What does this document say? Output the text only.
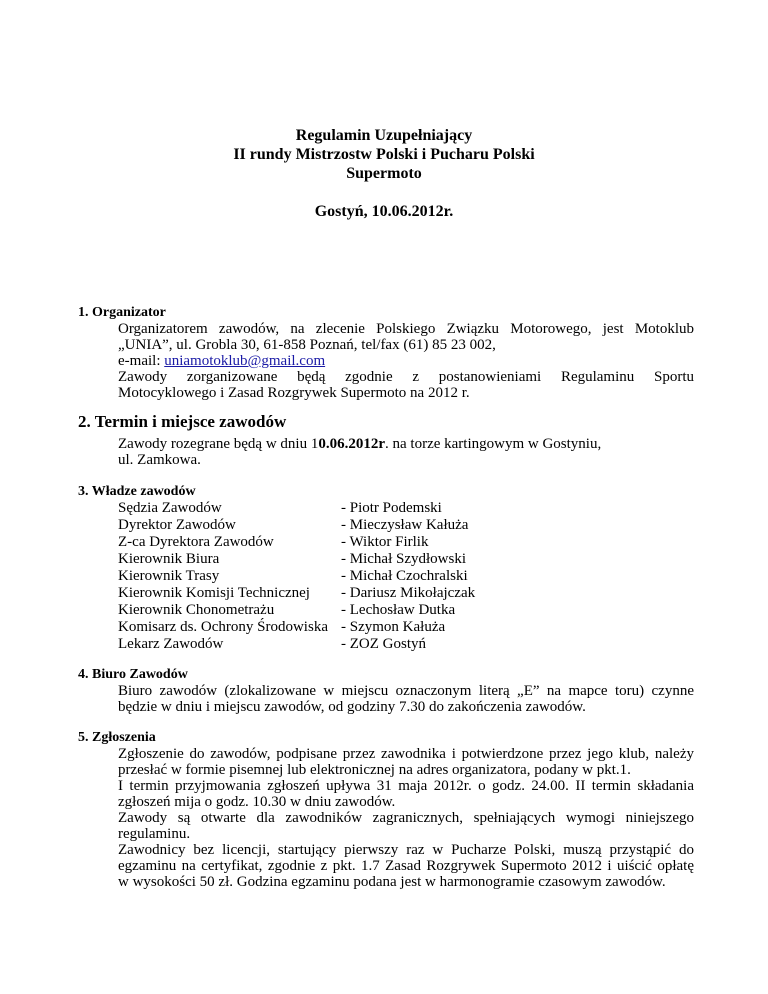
Regulamin Uzupełniający
II rundy Mistrzostw Polski i Pucharu Polski
Supermoto
Gostyń, 10.06.2012r.
1. Organizator
Organizatorem zawodów, na zlecenie Polskiego Związku Motorowego, jest Motoklub
„UNIA”, ul. Grobla 30, 61-858 Poznań, tel/fax (61) 85 23 002,
e-mail: uniamotoklub@gmail.com
Zawody zorganizowane będą zgodnie z postanowieniami Regulaminu Sportu
Motocyklowego i Zasad Rozgrywek Supermoto na 2012 r.
2. Termin i miejsce zawodów
Zawody rozegrane będą w dniu 10.06.2012r. na torze kartingowym w Gostyniu,
ul. Zamkowa.
3. Władze zawodów
Sędzia Zawodów	- Piotr Podemski
Dyrektor Zawodów	- Mieczysław Kałuża
Z-ca Dyrektora Zawodów	- Wiktor Firlik
Kierownik Biura	- Michał Szydłowski
Kierownik Trasy	- Michał Czochralski
Kierownik Komisji Technicznej	- Dariusz Mikołajczak
Kierownik Chonometrażu	- Lechosław Dutka
Komisarz ds. Ochrony Środowiska	- Szymon Kałuża
Lekarz Zawodów	- ZOZ Gostyń
4. Biuro Zawodów
Biuro zawodów (zlokalizowane w miejscu oznaczonym literą „E” na mapce toru) czynne
będzie w dniu i miejscu zawodów, od godziny 7.30 do zakończenia zawodów.
5. Zgłoszenia
Zgłoszenie do zawodów, podpisane przez zawodnika i potwierdzone przez jego klub, należy
przesłać w formie pisemnej lub elektronicznej na adres organizatora, podany w pkt.1.
I termin przyjmowania zgłoszeń upływa 31 maja 2012r. o godz. 24.00. II termin składania
zgłoszeń mija o godz. 10.30 w dniu zawodów.
Zawody są otwarte dla zawodników zagranicznych, spełniających wymogi niniejszego
regulaminu.
Zawodnicy bez licencji, startujący pierwszy raz w Pucharze Polski, muszą przystąpić do
egzaminu na certyfikat, zgodnie z pkt. 1.7 Zasad Rozgrywek Supermoto 2012 i uiścić opłatę
w wysokości 50 zł. Godzina egzaminu podana jest w harmonogramie czasowym zawodów.
